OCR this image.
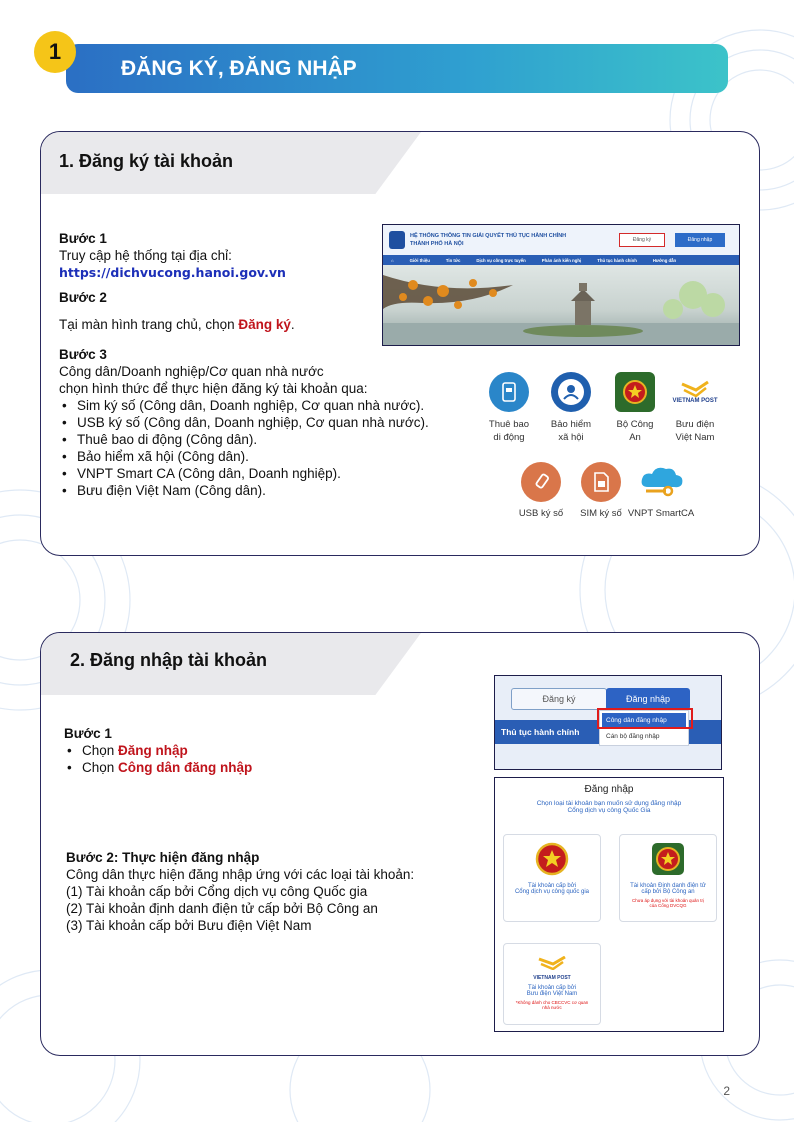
ĐĂNG KÝ, ĐĂNG NHẬP
1
1. Đăng ký tài khoản
Bước 1
Truy cập hệ thống tại địa chỉ:
https://dichvucong.hanoi.gov.vn
Bước 2
Tại màn hình trang chủ, chọn Đăng ký.
Bước 3
Công dân/Doanh nghiệp/Cơ quan nhà nước
chọn hình thức để thực hiện đăng ký tài khoản qua:
• Sim ký số (Công dân, Doanh nghiệp, Cơ quan nhà nước).
• USB ký số (Công dân, Doanh nghiệp, Cơ quan nhà nước).
• Thuê bao di động (Công dân).
• Bảo hiểm xã hội (Công dân).
• VNPT Smart CA (Công dân, Doanh nghiệp).
• Bưu điện Việt Nam (Công dân).
HỆ THỐNG THÔNG TIN GIẢI QUYẾT THỦ TỤC HÀNH CHÍNH
THÀNH PHỐ HÀ NỘI
Đăng ký	Đăng nhập
⌂	Giới thiệu	Tin tức	Dịch vụ công trực tuyến	Phản ánh kiến nghị	Thủ tục hành chính	Hướng dẫn
Thuê bao
di động
Bảo hiểm
xã hội
Bộ Công
An
VIETNAM POST
Bưu điện
Việt Nam
USB ký số	SIM ký số VNPT SmartCA
2. Đăng nhập tài khoản
Bước 1
• Chọn Đăng nhập
• Chọn Công dân đăng nhập
Bước 2: Thực hiện đăng nhập
Công dân thực hiện đăng nhập ứng với các loại tài khoản:
(1) Tài khoản cấp bởi Cổng dịch vụ công Quốc gia
(2) Tài khoản định danh điện tử cấp bởi Bộ Công an
(3) Tài khoản cấp bởi Bưu điện Việt Nam
Đăng ký	Đăng nhập
Thủ tục hành chính
Công dân đăng nhập
Cán bộ đăng nhập
Đăng nhập
Chọn loại tài khoản bạn muốn sử dụng đăng nhập
Cổng dịch vụ công Quốc Gia
Tài khoản cấp bởi
Cổng dịch vụ công quốc gia
Tài khoản Định danh điện tử
cấp bởi Bộ Công an
Chưa áp dụng với tài khoản quản trị
của Cổng DVCQG
VIETNAM POST
Tài khoản cấp bởi
Bưu điện Việt Nam
*Không dành cho CBCCVC cơ quan
nhà nước
2
